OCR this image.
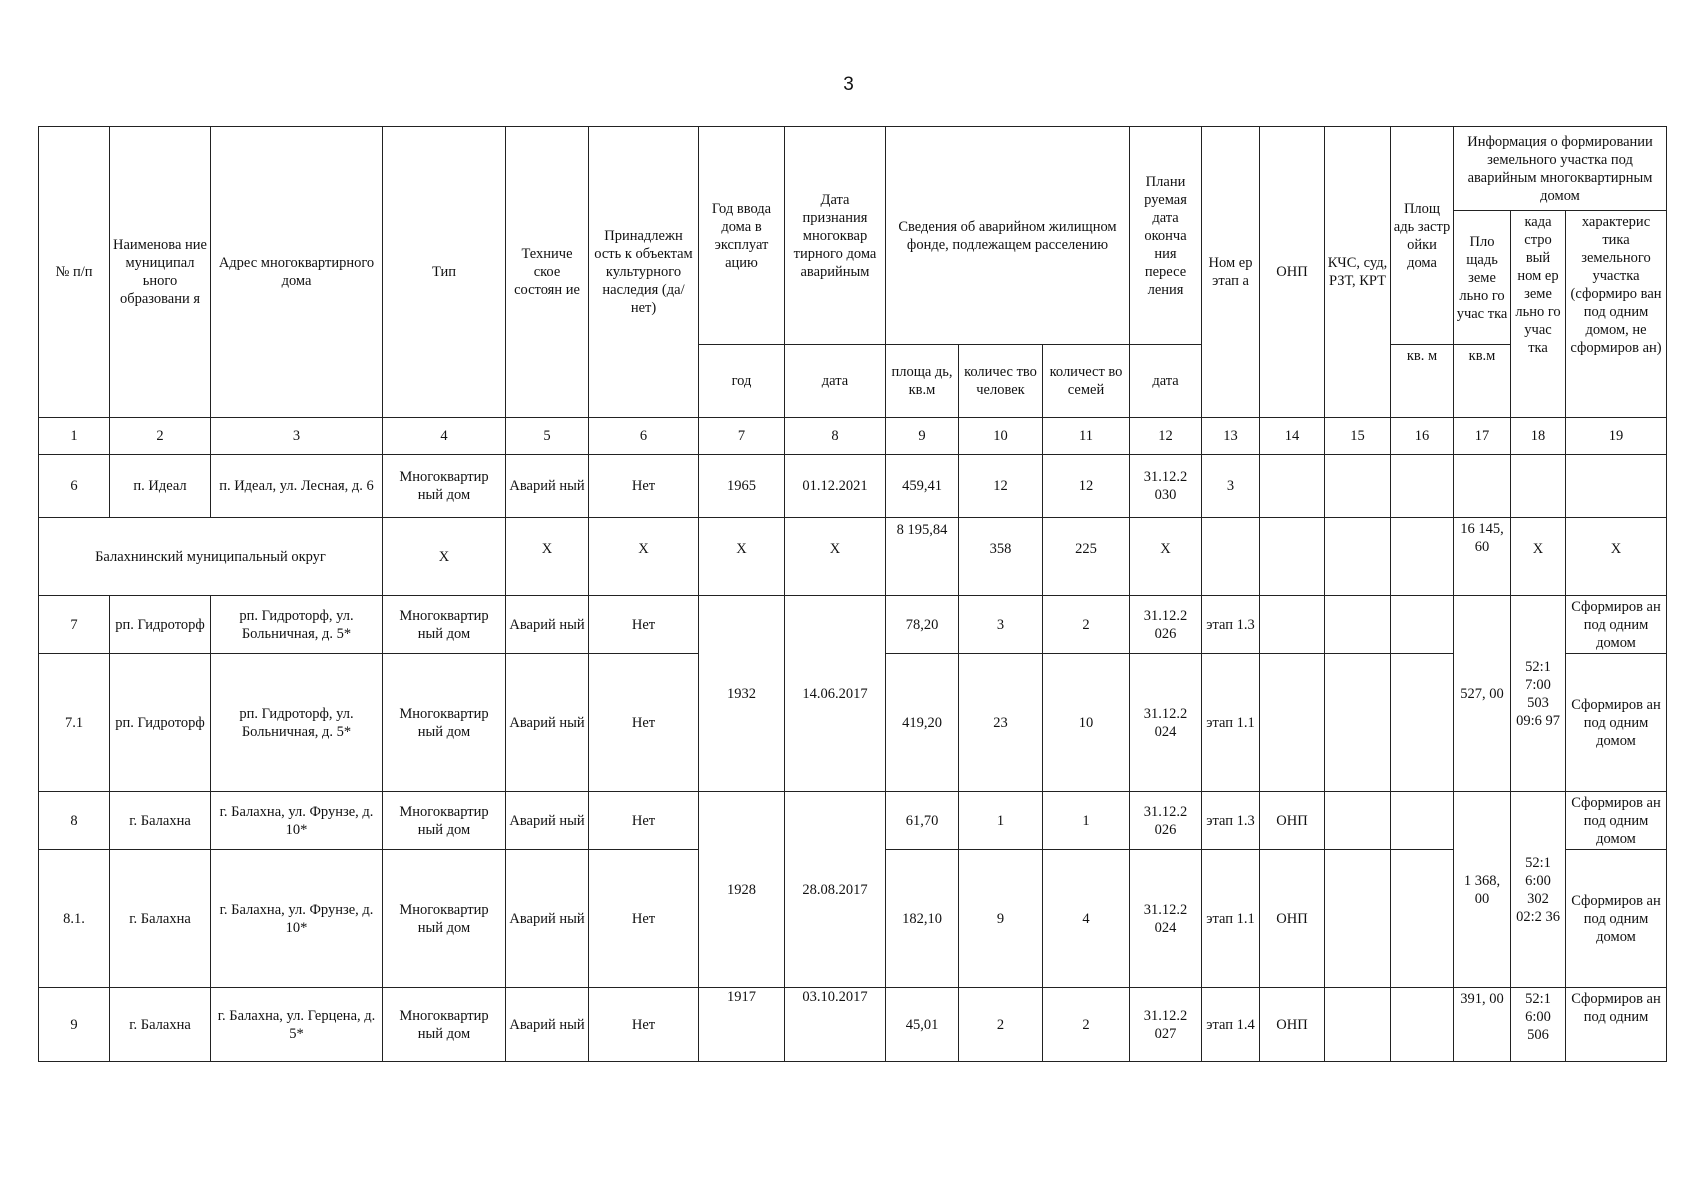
3
№ п/п	Наименова ние муниципал ьного образовани я	Адрес многоквартирного дома	Тип	Техниче ское состоян ие	Принадлежн ость к объектам культурного наследия (да/нет)	Год ввода дома в эксплуат ацию	Дата признания многоквар тирного дома аварийным	Сведения об аварийном жилищном фонде, подлежащем расселению			Плани руемая дата оконча ния пересе ления	Ном ер этап а	ОНП	КЧС, суд, РЗТ, КРТ	Площ адь застр ойки дома	Информация о формировании земельного участка под аварийным многоквартирным домом		
																Пло щадь земе льно го учас тка	када стро вый ном ер земе льно го учас тка	характерис тика земельного участка (сформиро ван под одним домом, не сформиров ан)
						год	дата	площа дь, кв.м	количес тво человек	количест во семей	дата				кв. м	кв.м		
1	2	3	4	5	6	7	8	9	10	11	12	13	14	15	16	17	18	19
6	п. Идеал	п. Идеал, ул. Лесная, д. 6	Многоквартир ный дом	Аварий ный	Нет	1965	01.12.2021	459,41	12	12	31.12.2 030	3						
Балахнинский муниципальный округ			Х	Х	Х	Х	Х	8 195,84	358	225	Х					16 145, 60	Х	Х
7	рп. Гидроторф	рп. Гидроторф, ул. Больничная, д. 5*	Многоквартир ный дом	Аварий ный	Нет	1932	14.06.2017	78,20	3	2	31.12.2 026	этап 1.3				527, 00	52:1 7:00 503 09:6 97	Сформиров ан под одним домом
7.1	рп. Гидроторф	рп. Гидроторф, ул. Больничная, д. 5*	Многоквартир ный дом	Аварий ный	Нет			419,20	23	10	31.12.2 024	этап 1.1						Сформиров ан под одним домом
8	г. Балахна	г. Балахна, ул. Фрунзе, д. 10*	Многоквартир ный дом	Аварий ный	Нет	1928	28.08.2017	61,70	1	1	31.12.2 026	этап 1.3	ОНП			1 368, 00	52:1 6:00 302 02:2 36	Сформиров ан под одним домом
8.1.	г. Балахна	г. Балахна, ул. Фрунзе, д. 10*	Многоквартир ный дом	Аварий ный	Нет			182,10	9	4	31.12.2 024	этап 1.1	ОНП					Сформиров ан под одним домом
9	г. Балахна	г. Балахна, ул. Герцена, д. 5*	Многоквартир ный дом	Аварий ный	Нет	1917	03.10.2017	45,01	2	2	31.12.2 027	этап 1.4	ОНП			391, 00	52:1 6:00 506	Сформиров ан под одним
